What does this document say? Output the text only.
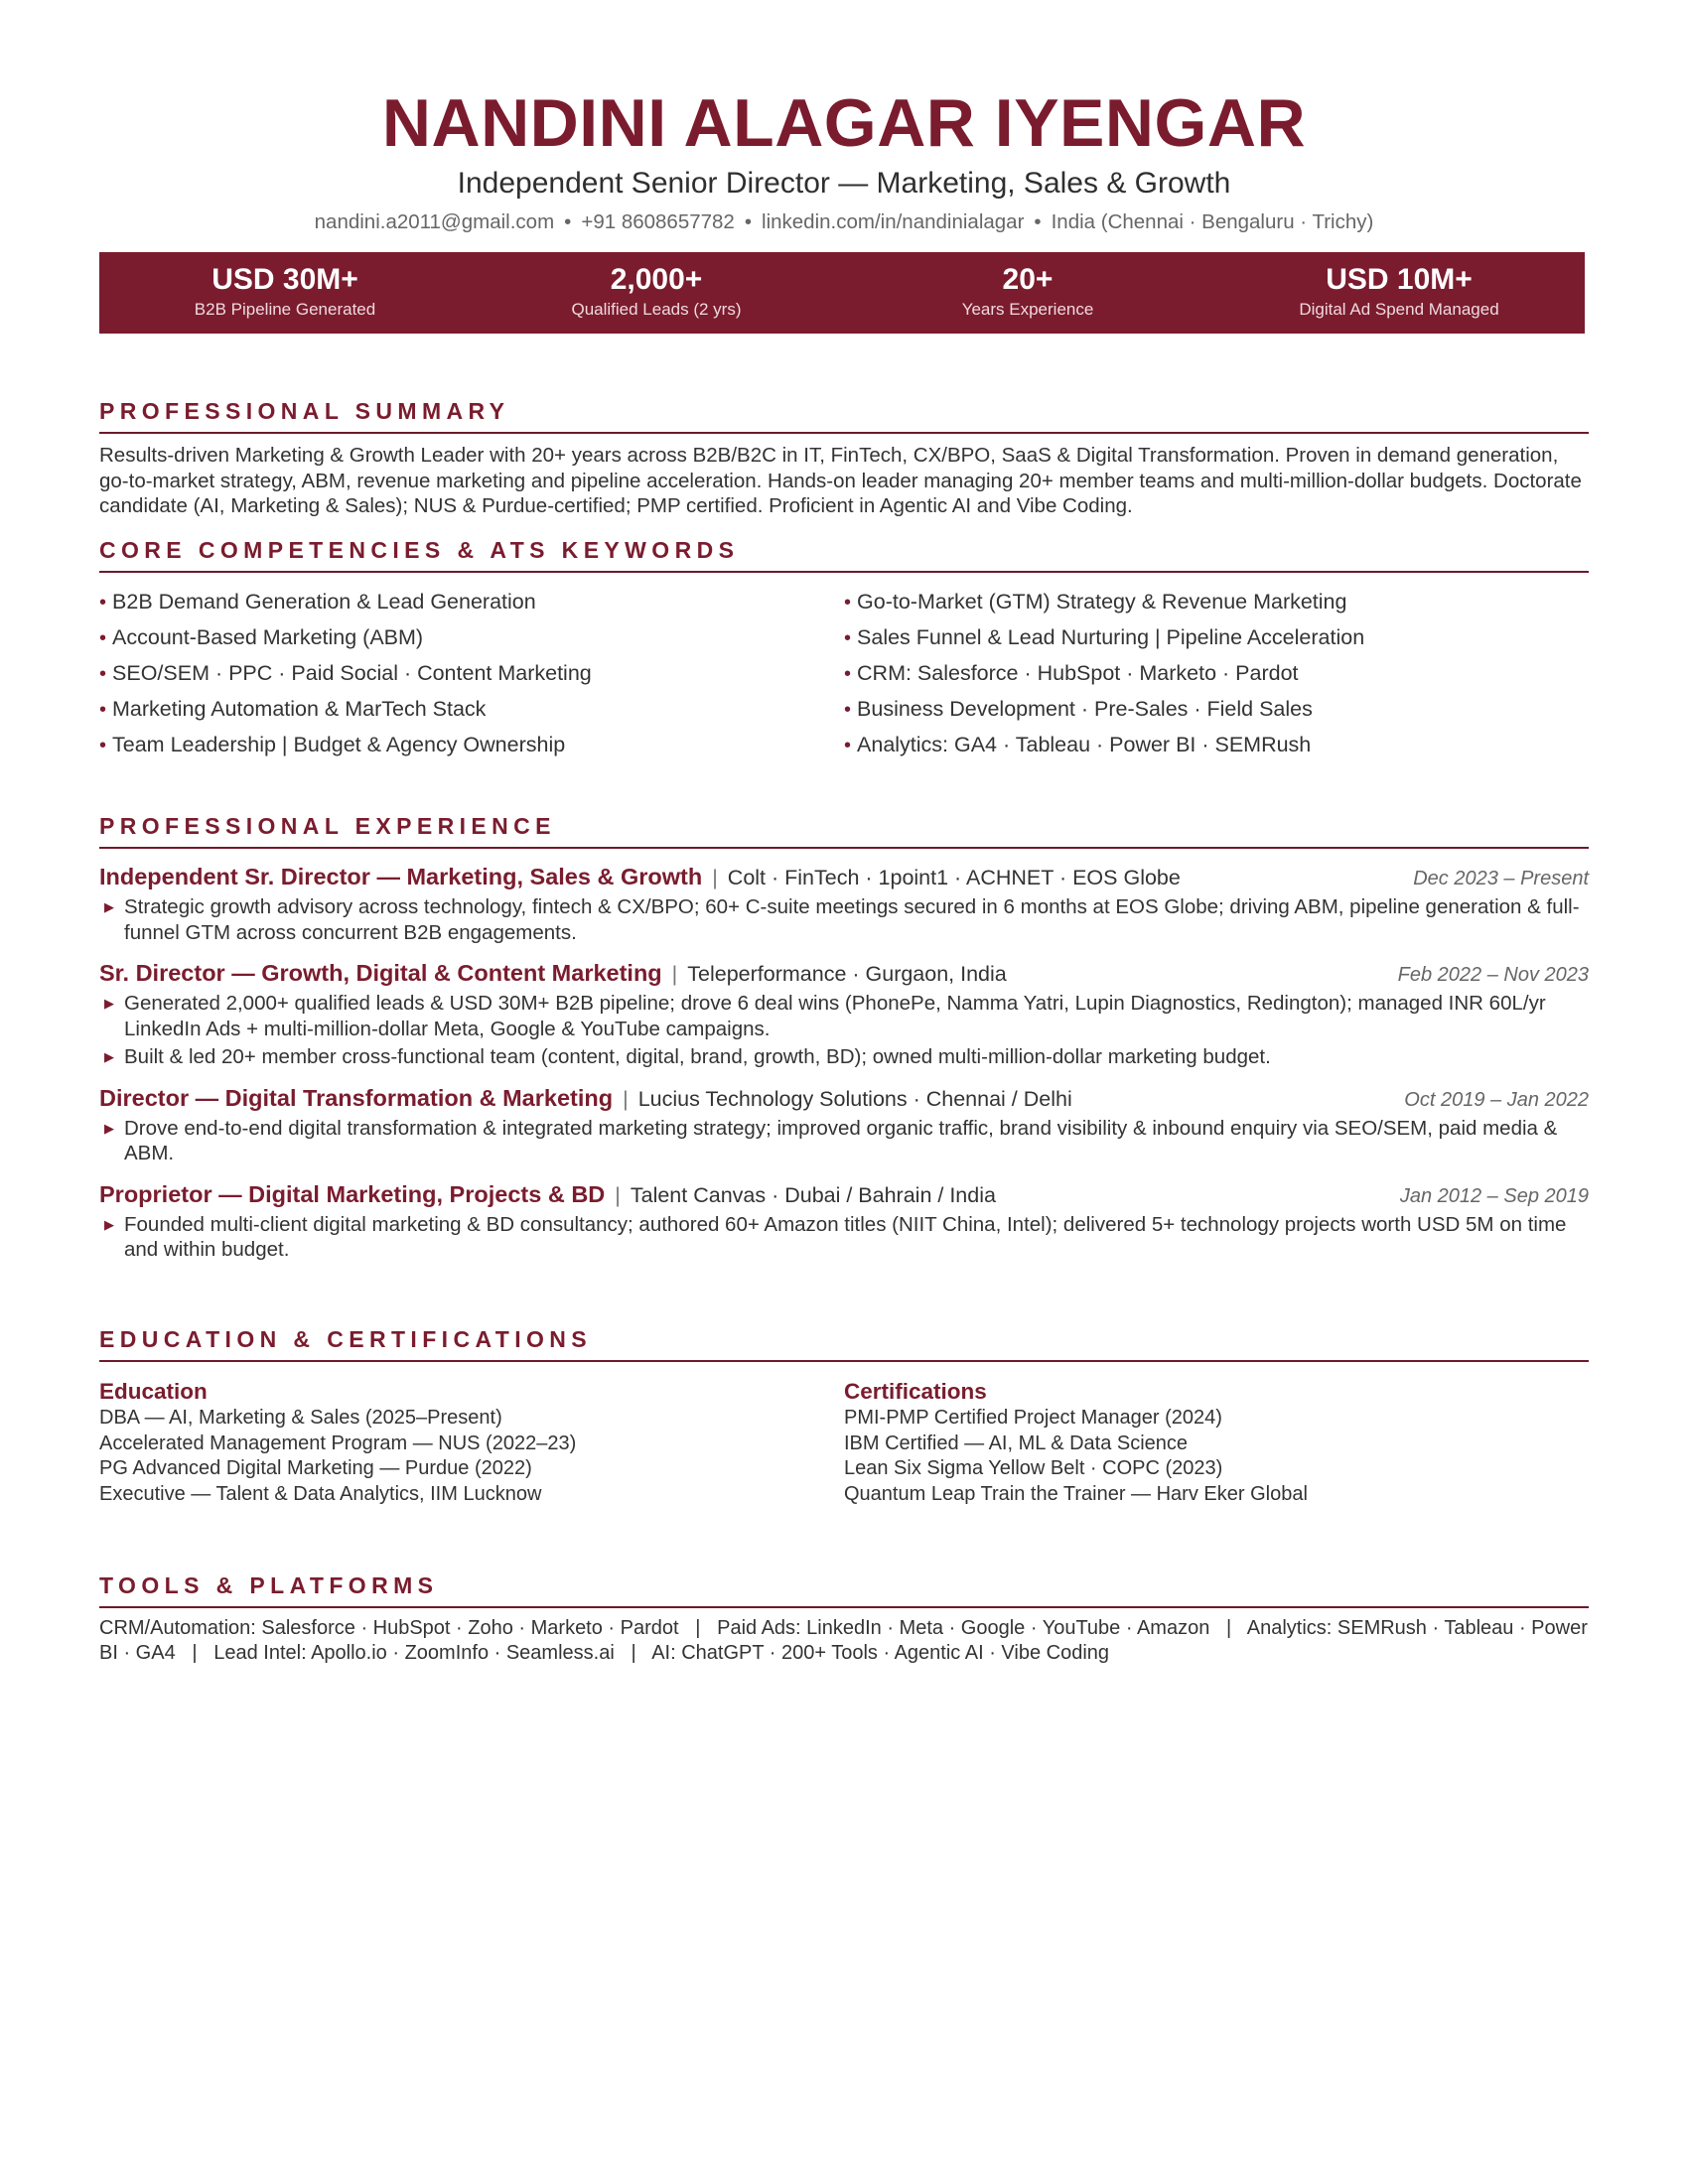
NANDINI ALAGAR IYENGAR
Independent Senior Director — Marketing, Sales & Growth
nandini.a2011@gmail.com • +91 8608657782 • linkedin.com/in/nandinialagar • India (Chennai · Bengaluru · Trichy)
USD 30M+
B2B Pipeline Generated
2,000+
Qualified Leads (2 yrs)
20+
Years Experience
USD 10M+
Digital Ad Spend Managed
PROFESSIONAL SUMMARY
Results-driven Marketing & Growth Leader with 20+ years across B2B/B2C in IT, FinTech, CX/BPO, SaaS & Digital Transformation. Proven in demand generation, go-to-market strategy, ABM, revenue marketing and pipeline acceleration. Hands-on leader managing 20+ member teams and multi-million-dollar budgets. Doctorate candidate (AI, Marketing & Sales); NUS & Purdue-certified; PMP certified. Proficient in Agentic AI and Vibe Coding.
CORE COMPETENCIES & ATS KEYWORDS
• B2B Demand Generation & Lead Generation
• Account-Based Marketing (ABM)
• SEO/SEM · PPC · Paid Social · Content Marketing
• Marketing Automation & MarTech Stack
• Team Leadership | Budget & Agency Ownership
• Go-to-Market (GTM) Strategy & Revenue Marketing
• Sales Funnel & Lead Nurturing | Pipeline Acceleration
• CRM: Salesforce · HubSpot · Marketo · Pardot
• Business Development · Pre-Sales · Field Sales
• Analytics: GA4 · Tableau · Power BI · SEMRush
PROFESSIONAL EXPERIENCE
Independent Sr. Director — Marketing, Sales & Growth | Colt · FinTech · 1point1 · ACHNET · EOS Globe	Dec 2023 – Present
▶ Strategic growth advisory across technology, fintech & CX/BPO; 60+ C-suite meetings secured in 6 months at EOS Globe; driving ABM, pipeline generation & full-funnel GTM across concurrent B2B engagements.
Sr. Director — Growth, Digital & Content Marketing | Teleperformance · Gurgaon, India	Feb 2022 – Nov 2023
▶ Generated 2,000+ qualified leads & USD 30M+ B2B pipeline; drove 6 deal wins (PhonePe, Namma Yatri, Lupin Diagnostics, Redington); managed INR 60L/yr LinkedIn Ads + multi-million-dollar Meta, Google & YouTube campaigns.
▶ Built & led 20+ member cross-functional team (content, digital, brand, growth, BD); owned multi-million-dollar marketing budget.
Director — Digital Transformation & Marketing | Lucius Technology Solutions · Chennai / Delhi	Oct 2019 – Jan 2022
▶ Drove end-to-end digital transformation & integrated marketing strategy; improved organic traffic, brand visibility & inbound enquiry via SEO/SEM, paid media & ABM.
Proprietor — Digital Marketing, Projects & BD | Talent Canvas · Dubai / Bahrain / India	Jan 2012 – Sep 2019
▶ Founded multi-client digital marketing & BD consultancy; authored 60+ Amazon titles (NIIT China, Intel); delivered 5+ technology projects worth USD 5M on time and within budget.
EDUCATION & CERTIFICATIONS
Education
DBA — AI, Marketing & Sales (2025–Present)
Accelerated Management Program — NUS (2022–23)
PG Advanced Digital Marketing — Purdue (2022)
Executive — Talent & Data Analytics, IIM Lucknow
Certifications
PMI-PMP Certified Project Manager (2024)
IBM Certified — AI, ML & Data Science
Lean Six Sigma Yellow Belt · COPC (2023)
Quantum Leap Train the Trainer — Harv Eker Global
TOOLS & PLATFORMS
CRM/Automation: Salesforce · HubSpot · Zoho · Marketo · Pardot   |   Paid Ads: LinkedIn · Meta · Google · YouTube · Amazon   |   Analytics: SEMRush · Tableau · Power BI · GA4   |   Lead Intel: Apollo.io · ZoomInfo · Seamless.ai   |   AI: ChatGPT · 200+ Tools · Agentic AI · Vibe Coding
